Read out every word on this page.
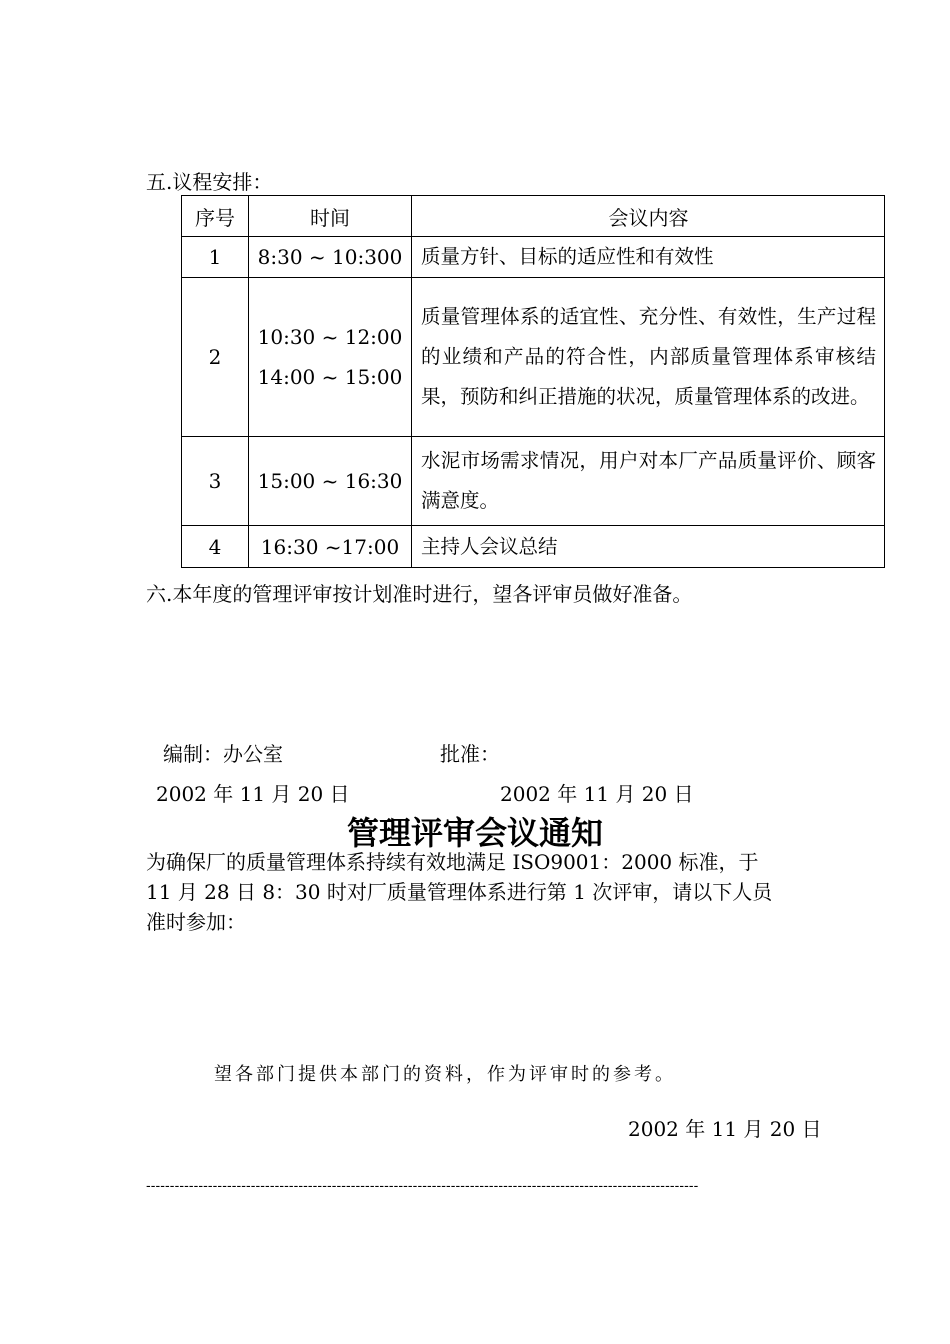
五.议程安排：
序号	时间	会议内容
1	8:30 ~ 10:300	质量方针、目标的适应性和有效性

2	10:30 ~ 12:00
14:00 ~ 15:00	质量管理体系的适宜性、充分性、有效性，生产过程的业绩和产品的符合性，内部质量管理体系审核结果，预防和纠正措施的状况，质量管理体系的改进。

3	15:00 ~ 16:30	水泥市场需求情况，用户对本厂产品质量评价、顾客满意度。

4	16:30 ~17:00	主持人会议总结
六.本年度的管理评审按计划准时进行，望各评审员做好准备。
编制：办公室	批准：
2002 年 11 月 20 日	2002 年 11 月 20 日
管理评审会议通知
为确保厂的质量管理体系持续有效地满足 ISO9001：2000 标准，于
11 月 28 日 8：30 时对厂质量管理体系进行第 1 次评审，请以下人员
准时参加：
望各部门提供本部门的资料，作为评审时的参考。
2002 年 11 月 20 日
--------------------------------------------------------------------------------------------------------------------
